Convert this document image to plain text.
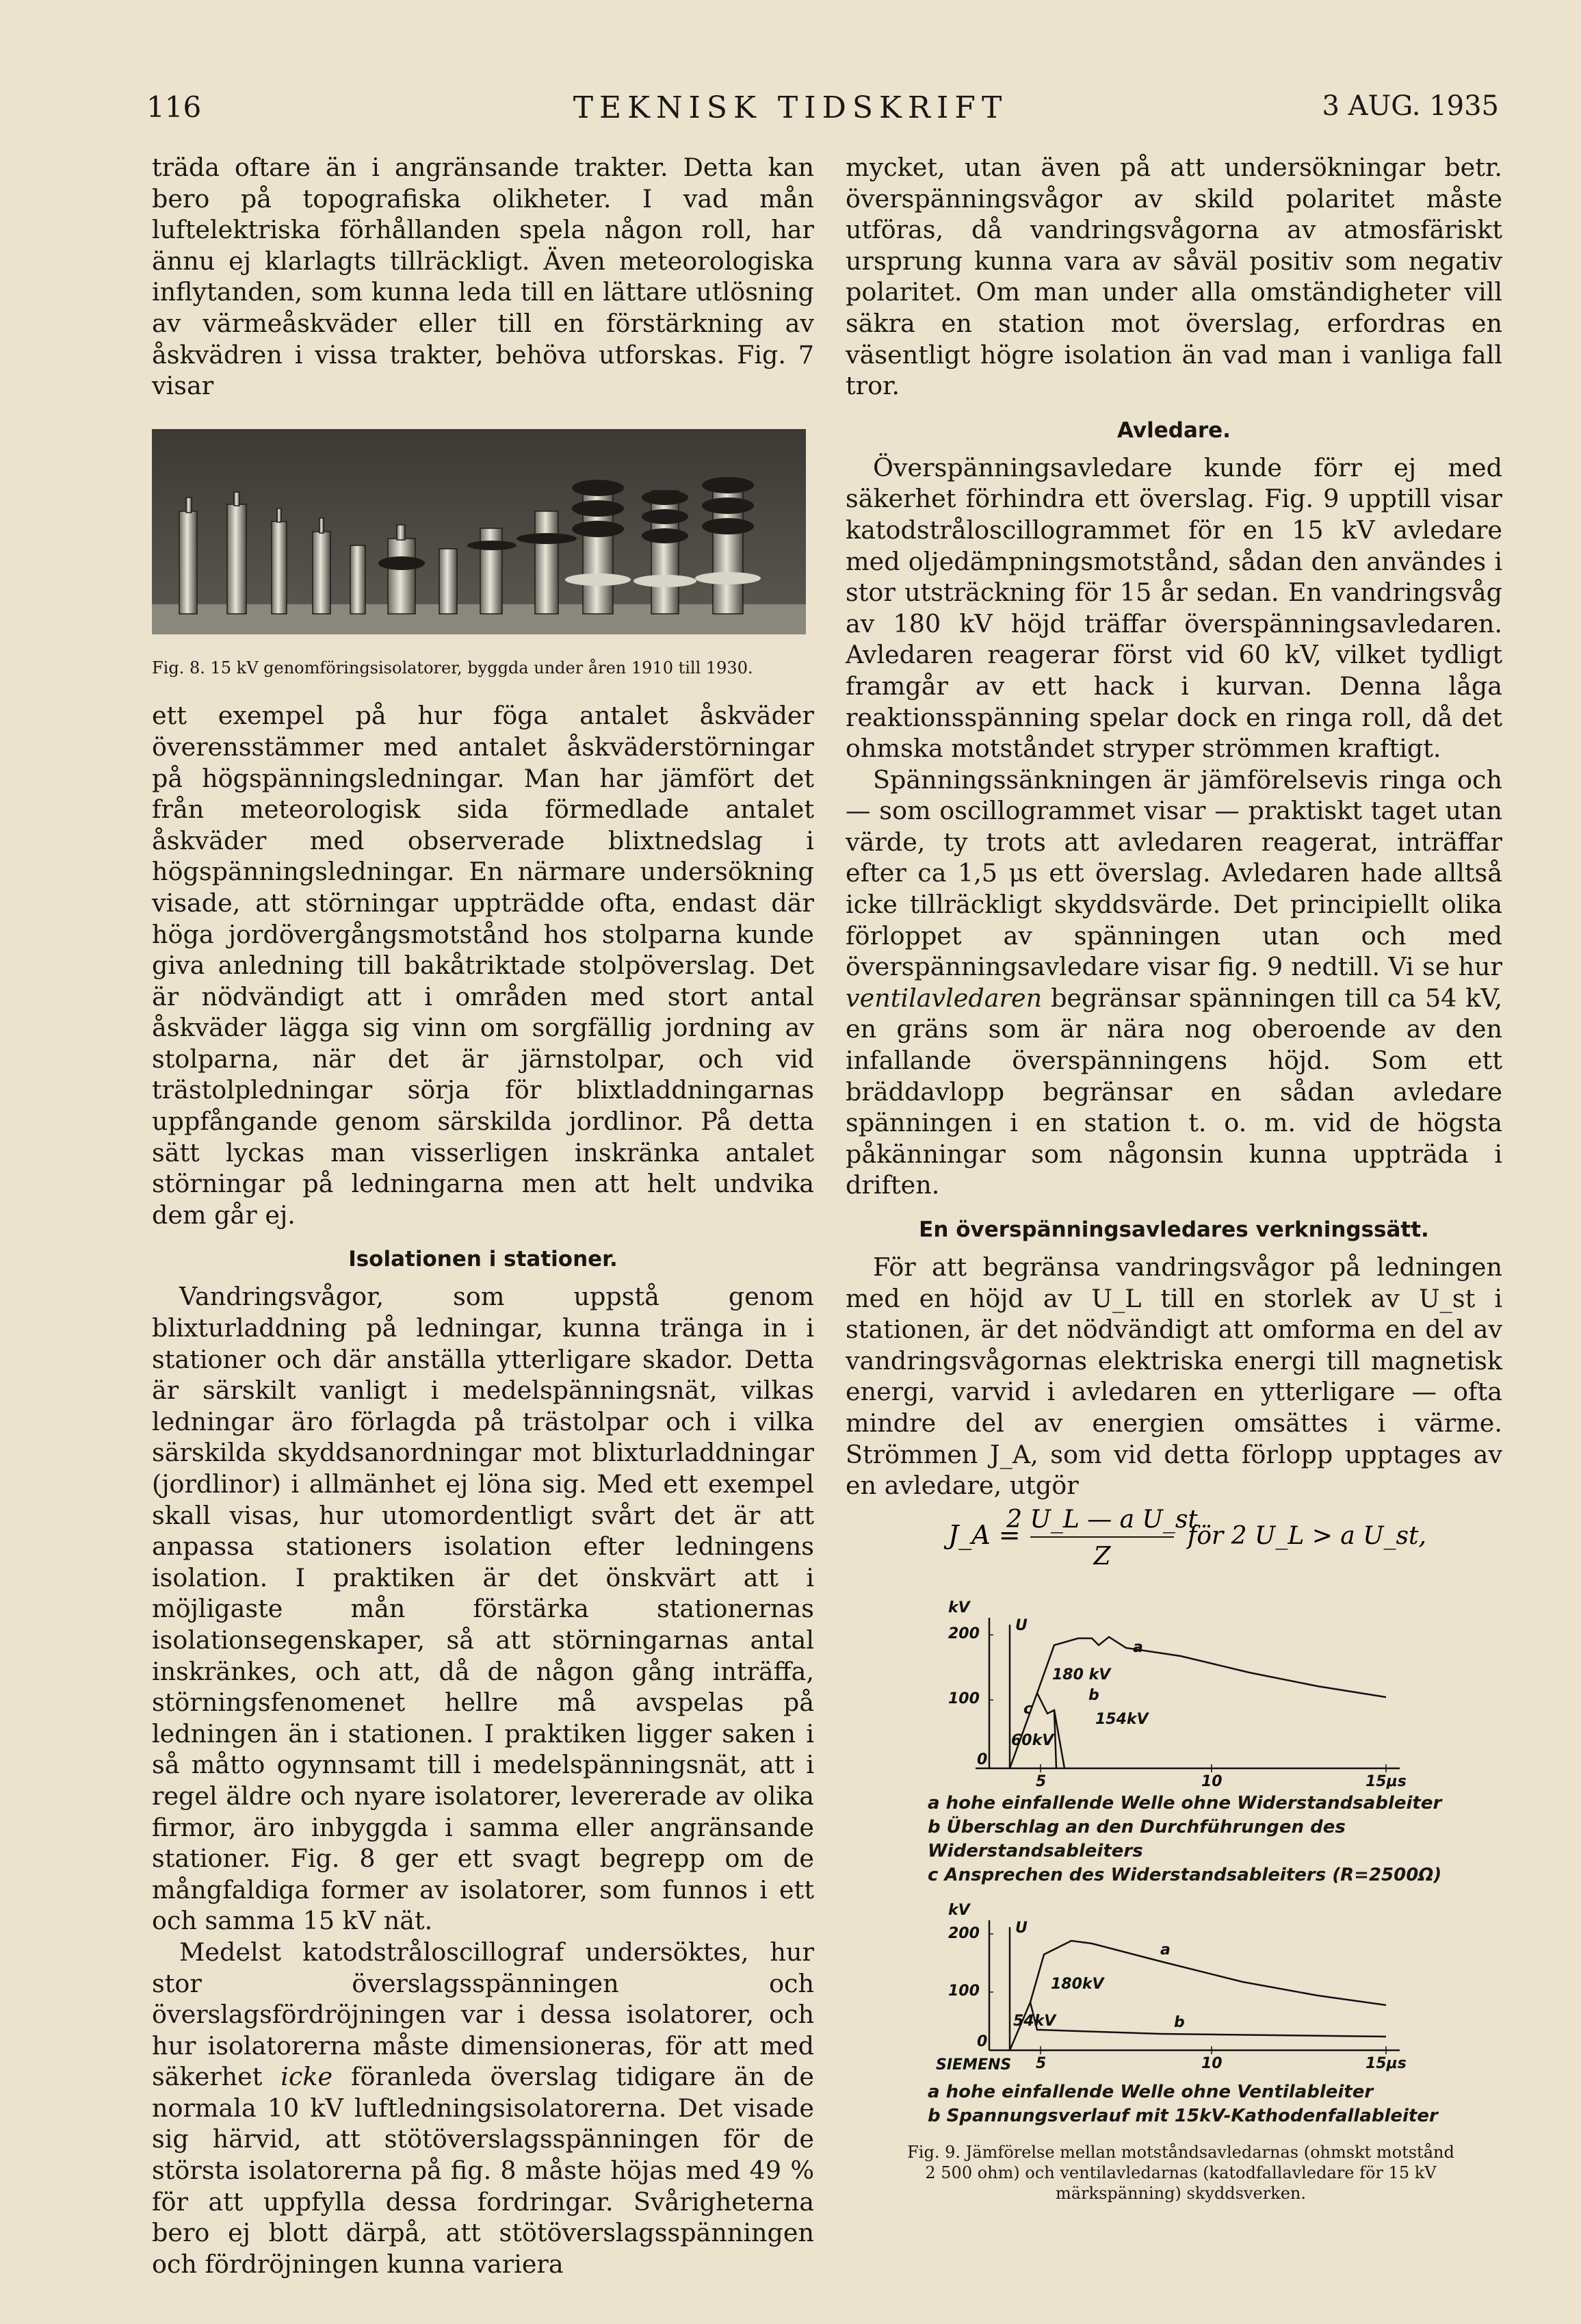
TEKNISK TIDSKRIFT
116	3 AUG. 1935

träda oftare än i angränsande trakter. Detta kan bero på topografiska olikheter. I vad mån luftelektriska förhållanden spela någon roll, har ännu ej klarlagts tillräckligt. Även meteorologiska inflytanden, som kunna leda till en lättare utlösning av värmeåskväder eller till en förstärkning av åskvädren i vissa trakter, behöva utforskas. Fig. 7 visar

Fig. 8. 15 kV genomföringsisolatorer, byggda under åren 1910 till 1930.

ett exempel på hur föga antalet åskväder överensstämmer med antalet åskväderstörningar på högspänningsledningar. Man har jämfört det från meteorologisk sida förmedlade antalet åskväder med observerade blixtnedslag i högspänningsledningar. En närmare undersökning visade, att störningar uppträdde ofta, endast där höga jordövergångsmotstånd hos stolparna kunde giva anledning till bakåtriktade stolpöverslag. Det är nödvändigt att i områden med stort antal åskväder lägga sig vinn om sorgfällig jordning av stolparna, när det är järnstolpar, och vid trästolpledningar sörja för blixtladdningarnas uppfångande genom särskilda jordlinor. På detta sätt lyckas man visserligen inskränka antalet störningar på ledningarna men att helt undvika dem går ej.

Isolationen i stationer.

Vandringsvågor, som uppstå genom blixturladdning på ledningar, kunna tränga in i stationer och där anställa ytterligare skador. Detta är särskilt vanligt i medelspänningsnät, vilkas ledningar äro förlagda på trästolpar och i vilka särskilda skyddsanordningar mot blixturladdningar (jordlinor) i allmänhet ej löna sig. Med ett exempel skall visas, hur utomordentligt svårt det är att anpassa stationers isolation efter ledningens isolation. I praktiken är det önskvärt att i möjligaste mån förstärka stationernas isolationsegenskaper, så att störningarnas antal inskränkes, och att, då de någon gång inträffa, störningsfenomenet hellre må avspelas på ledningen än i stationen. I praktiken ligger saken i så måtto ogynnsamt till i medelspänningsnät, att i regel äldre och nyare isolatorer, levererade av olika firmor, äro inbyggda i samma eller angränsande stationer. Fig. 8 ger ett svagt begrepp om de mångfaldiga former av isolatorer, som funnos i ett och samma 15 kV nät.

Medelst katodstråloscillograf undersöktes, hur stor överslagsspänningen och överslagsfördröjningen var i dessa isolatorer, och hur isolatorerna måste dimensioneras, för att med säkerhet icke föranleda överslag tidigare än de normala 10 kV luftledningsisolatorerna. Det visade sig härvid, att stötöverslagsspänningen för de största isolatorerna på fig. 8 måste höjas med 49 % för att uppfylla dessa fordringar. Svårigheterna bero ej blott därpå, att stötöverslagsspänningen och fördröjningen kunna variera

mycket, utan även på att undersökningar betr. överspänningsvågor av skild polaritet måste utföras, då vandringsvågorna av atmosfäriskt ursprung kunna vara av såväl positiv som negativ polaritet. Om man under alla omständigheter vill säkra en station mot överslag, erfordras en väsentligt högre isolation än vad man i vanliga fall tror.

Avledare.

Överspänningsavledare kunde förr ej med säkerhet förhindra ett överslag. Fig. 9 upptill visar katodstråloscillogrammet för en 15 kV avledare med oljedämpningsmotstånd, sådan den användes i stor utsträckning för 15 år sedan. En vandringsvåg av 180 kV höjd träffar överspänningsavledaren. Avledaren reagerar först vid 60 kV, vilket tydligt framgår av ett hack i kurvan. Denna låga reaktionsspänning spelar dock en ringa roll, då det ohmska motståndet stryper strömmen kraftigt.

Spänningssänkningen är jämförelsevis ringa och — som oscillogrammet visar — praktiskt taget utan värde, ty trots att avledaren reagerat, inträffar efter ca 1,5 μs ett överslag. Avledaren hade alltså icke tillräckligt skyddsvärde. Det principiellt olika förloppet av spänningen utan och med överspänningsavledare visar fig. 9 nedtill. Vi se hur ventilavledaren begränsar spänningen till ca 54 kV, en gräns som är nära nog oberoende av den infallande överspänningens höjd. Som ett bräddavlopp begränsar en sådan avledare spänningen i en station t. o. m. vid de högsta påkänningar som någonsin kunna uppträda i driften.

En överspänningsavledares verkningssätt.

För att begränsa vandringsvågor på ledningen med en höjd av U_L till en storlek av U_st i stationen, är det nödvändigt att omforma en del av vandringsvågornas elektriska energi till magnetisk energi, varvid i avledaren en ytterligare — ofta mindre del av energien omsättes i värme. Strömmen J_A, som vid detta förlopp upptages av en avledare, utgör

J_A =
2 U_L — a U_st
Z
för 2 U_L > a U_st,
kV
200
100
0
5	10	15μs
U
a
b
c
180 kV
60kV
154kV
a hohe einfallende Welle ohne Widerstandsableiter
b Überschlag an den Durchführungen des Widerstandsableiters
c Ansprechen des Widerstandsableiters (R=2500Ω)
kV
200
100
0
5	10	15μs
U
a
b
180kV
54kV
SIEMENS
a hohe einfallende Welle ohne Ventilableiter
b Spannungsverlauf mit 15kV-Kathodenfallableiter
Fig. 9. Jämförelse mellan motståndsavledarnas (ohmskt motstånd 2 500 ohm) och ventilavledarnas (katodfallavledare för 15 kV märkspänning) skyddsverken.
